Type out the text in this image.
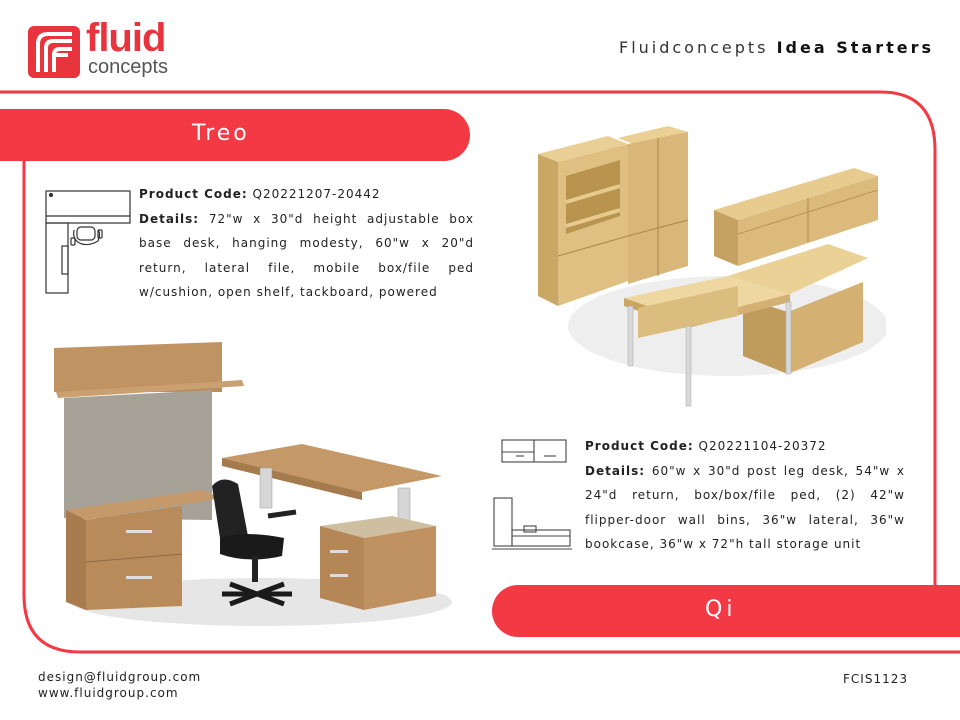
fluid
concepts
Fluidconcepts Idea Starters
Treo
Product Code: Q20221207-20442
Details: 72"w x 30"d height adjustable box base desk, hanging modesty, 60"w x 20"d return, lateral file, mobile box/file ped w/cushion, open shelf, tackboard, powered
Product Code: Q20221104-20372
Details: 60"w x 30"d post leg desk, 54"w x 24"d return, box/box/file ped, (2) 42"w flipper-door wall bins, 36"w lateral, 36"w bookcase, 36"w x 72"h tall storage unit
Qi
design@fluidgroup.com
www.fluidgroup.com
FCIS1123
